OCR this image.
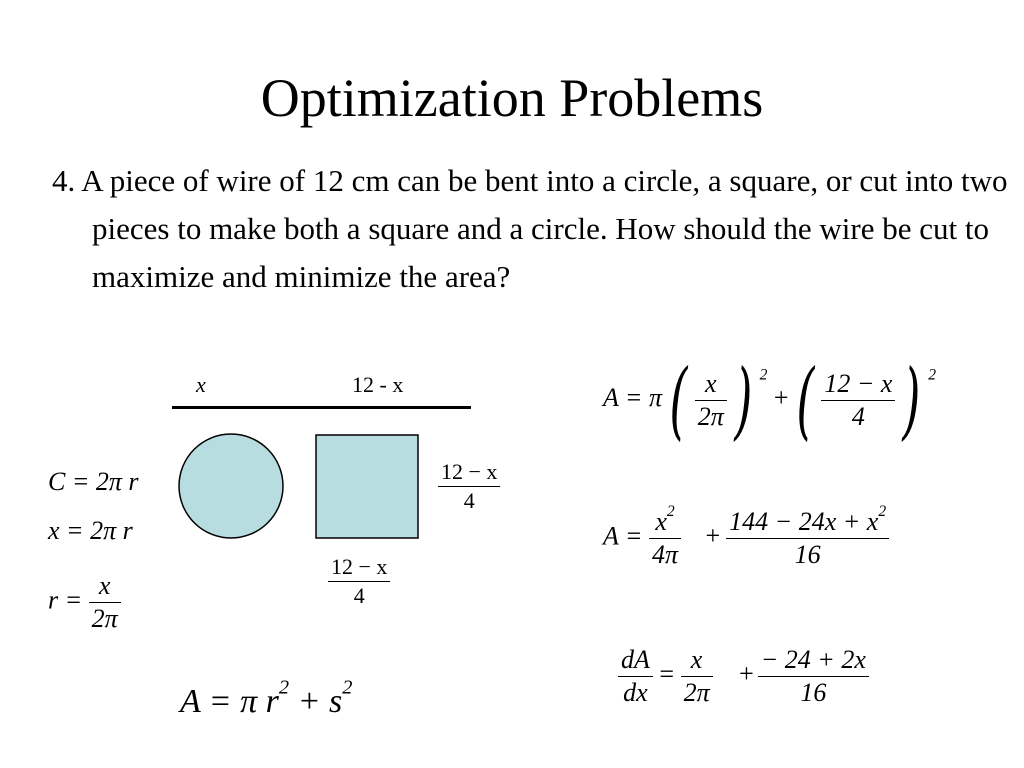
Optimization Problems
4. A piece of wire of 12 cm can be bent into a circle, a square, or cut into two pieces to make both a square and a circle. How should the wire be cut to maximize and minimize the area?
x	12 - x
$\frac{12 - x}{4}$
$\frac{12 - x}{4}$
C = 2π r
x = 2π r
$r = \frac{x}{2\pi}$
A = π $r^2 + s^2$
$A = \pi( \frac{x}{2\pi}$ ) $^2$ +( $\frac{12 - x}{4}$ ) $^2$
$A = \frac{x^2}{4\pi} + \frac{144 - 24x + x^2}{16}$
$\frac{dA}{dx} = \frac{x}{2\pi} + \frac{- 24 + 2x}{16}$
